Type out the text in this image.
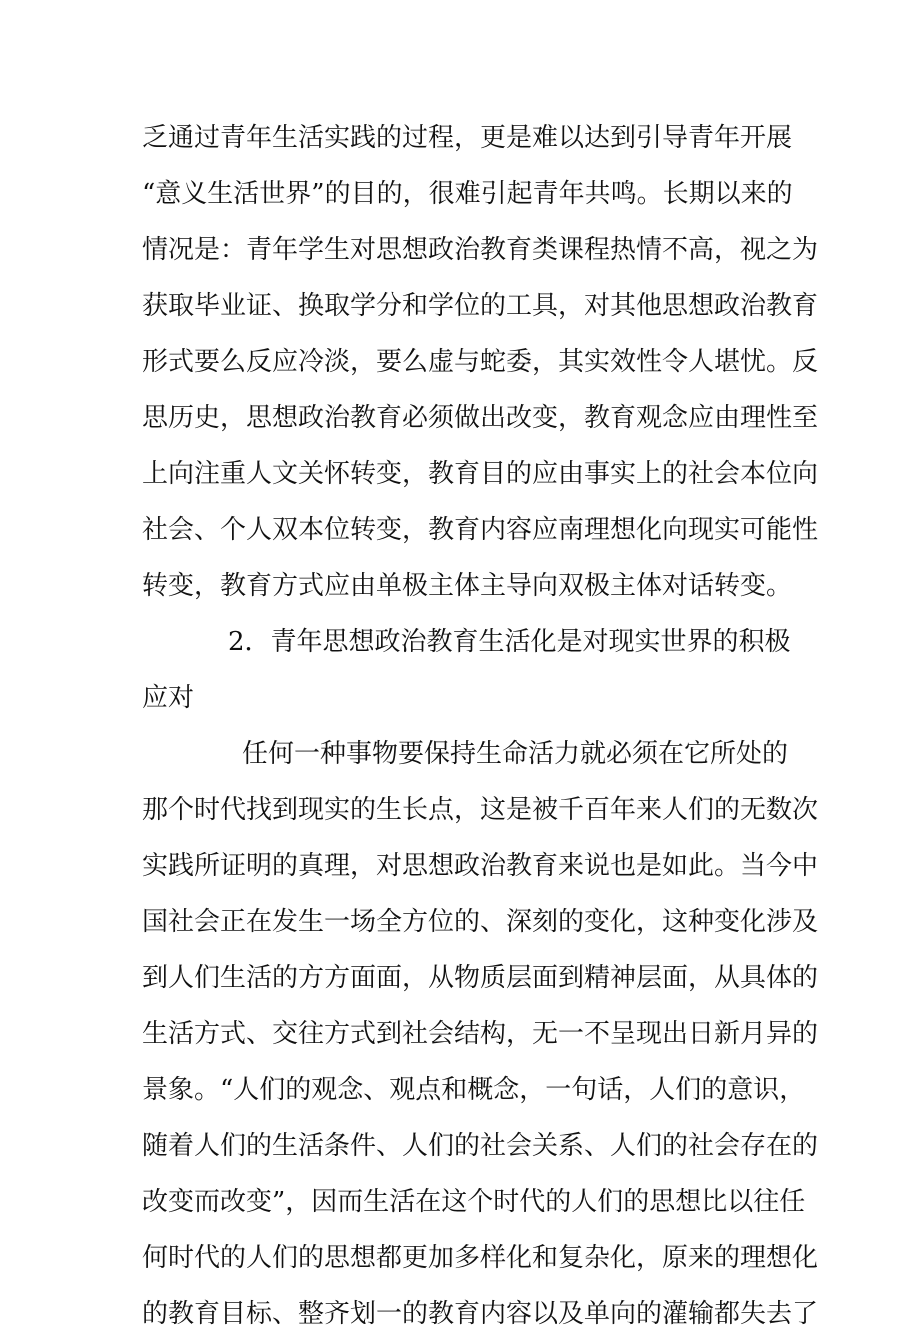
乏通过青年生活实践的过程，更是难以达到引导青年开展
“意义生活世界”的目的，很难引起青年共鸣。长期以来的
情况是：青年学生对思想政治教育类课程热情不高，视之为
获取毕业证、换取学分和学位的工具，对其他思想政治教育
形式要么反应冷淡，要么虚与蛇委，其实效性令人堪忧。反
思历史，思想政治教育必须做出改变，教育观念应由理性至
上向注重人文关怀转变，教育目的应由事实上的社会本位向
社会、个人双本位转变，教育内容应南理想化向现实可能性
转变，教育方式应由单极主体主导向双极主体对话转变。
2．青年思想政治教育生活化是对现实世界的积极
应对
任何一种事物要保持生命活力就必须在它所处的
那个时代找到现实的生长点，这是被千百年来人们的无数次
实践所证明的真理，对思想政治教育来说也是如此。当今中
国社会正在发生一场全方位的、深刻的变化，这种变化涉及
到人们生活的方方面面，从物质层面到精神层面，从具体的
生活方式、交往方式到社会结构，无一不呈现出日新月异的
景象。“人们的观念、观点和概念，一句话，人们的意识，
随着人们的生活条件、人们的社会关系、人们的社会存在的
改变而改变”，因而生活在这个时代的人们的思想比以往任
何时代的人们的思想都更加多样化和复杂化，原来的理想化
的教育目标、整齐划一的教育内容以及单向的灌输都失去了
